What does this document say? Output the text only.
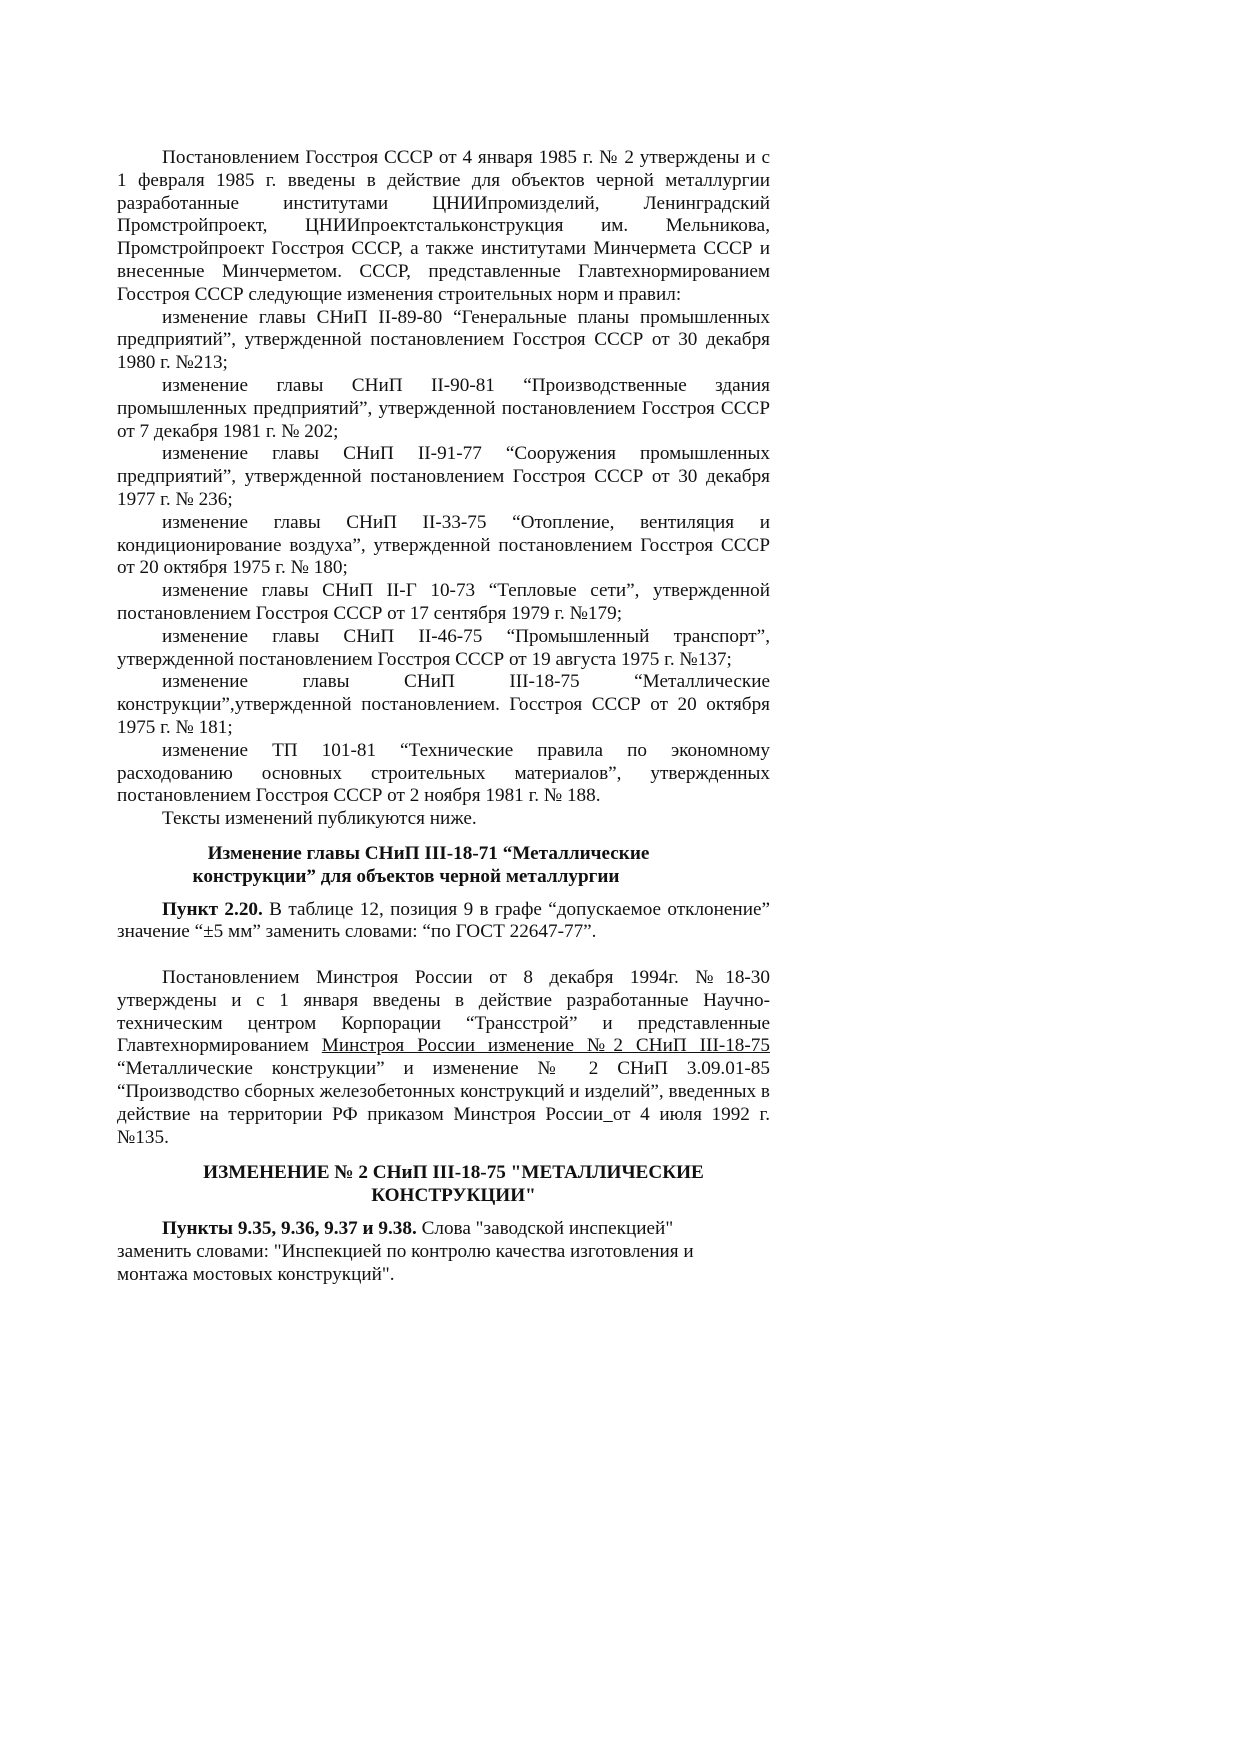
Постановлением Госстроя СССР от 4 января 1985 г. № 2 утверждены и с 1 февраля 1985 г. введены в действие для объектов черной металлургии разработанные институтами ЦНИИпромизделий, Ленинградский Промстройпроект, ЦНИИпроектстальконструкция им. Мельникова, Промстройпроект Госстроя СССР, а также институтами Минчермета СССР и внесенные Минчерметом. СССР, представленные Главтехнормированием Госстроя СССР следующие изменения строительных норм и правил:

изменение главы СНиП II-89-80 “Генеральные планы промышленных предприятий”, утвержденной постановлением Госстроя СССР от 30 декабря 1980 г. №213;

изменение главы СНиП II-90-81 “Производственные здания промышленных предприятий”, утвержденной постановлением Госстроя СССР от 7 декабря 1981 г. № 202;

изменение главы СНиП II-91-77 “Сооружения промышленных предприятий”, утвержденной постановлением Госстроя СССР от 30 декабря 1977 г. № 236;

изменение главы СНиП II-33-75 “Отопление, вентиляция и кондиционирование воздуха”, утвержденной постановлением Госстроя СССР от 20 октября 1975 г. № 180;

изменение главы СНиП II-Г 10-73 “Тепловые сети”, утвержденной постановлением Госстроя СССР от 17 сентября 1979 г. №179;

изменение главы СНиП II-46-75 “Промышленный транспорт”, утвержденной постановлением Госстроя СССР от 19 августа 1975 г. №137;

изменение главы СНиП III-18-75 “Металлические конструкции”,утвержденной постановлением. Госстроя СССР от 20 октября 1975 г. № 181;

изменение ТП 101-81 “Технические правила по экономному расходованию основных строительных материалов”, утвержденных постановлением Госстроя СССР от 2 ноября 1981 г. № 188.

Тексты изменений публикуются ниже.

Изменение главы СНиП III-18-71 “Металлические

конструкции” для объектов черной металлургии

Пункт 2.20. В таблице 12, позиция 9 в графе “допускаемое отклонение” значение “±5 мм” заменить словами: “по ГОСТ 22647-77”.

Постановлением Минстроя России от 8 декабря 1994г. №18-30 утверждены и с 1 января введены в действие разработанные Научно-техническим центром Корпорации “Трансстрой” и представленные Главтехнормированием Минстроя России изменение №2 СНиП III-18-75 “Металлические конструкции” и изменение № 2 СНиП 3.09.01-85 “Производство сборных железобетонных конструкций и изделий”, введенных в действие на территории РФ приказом Минстроя России от 4 июля 1992 г. №135.

ИЗМЕНЕНИЕ № 2 СНиП III-18-75 "МЕТАЛЛИЧЕСКИЕ
КОНСТРУКЦИИ"

Пункты 9.35, 9.36, 9.37 и 9.38. Слова "заводской инспекцией" заменить словами: "Инспекцией по контролю качества изготовления и монтажа мостовых конструкций".
